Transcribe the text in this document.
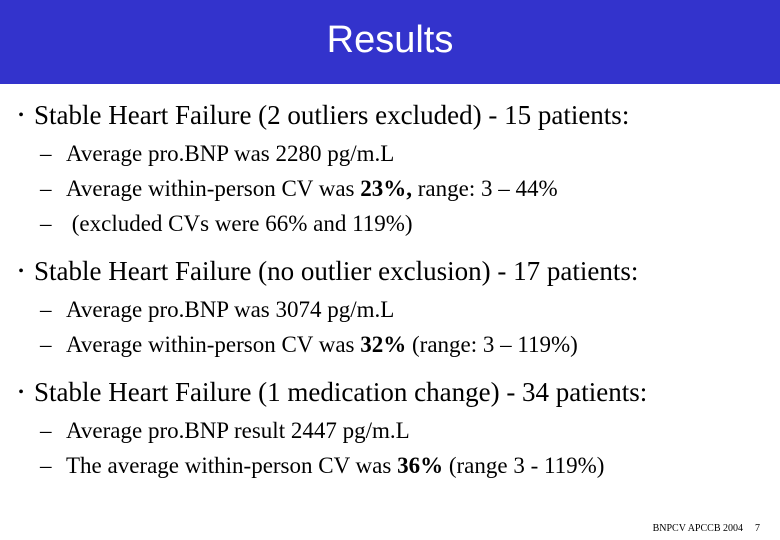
Results
• Stable Heart Failure (2 outliers excluded) - 15 patients:
– Average pro.BNP was 2280 pg/m.L
– Average within-person CV was 23%, range: 3 – 44%
– (excluded CVs were 66% and 119%)
• Stable Heart Failure (no outlier exclusion) - 17 patients:
– Average pro.BNP was 3074 pg/m.L
– Average within-person CV was 32% (range: 3 – 119%)
• Stable Heart Failure (1 medication change) - 34 patients:
– Average pro.BNP result 2447 pg/m.L
– The average within-person CV was 36% (range 3 - 119%)
BNPCV APCCB 2004 7
